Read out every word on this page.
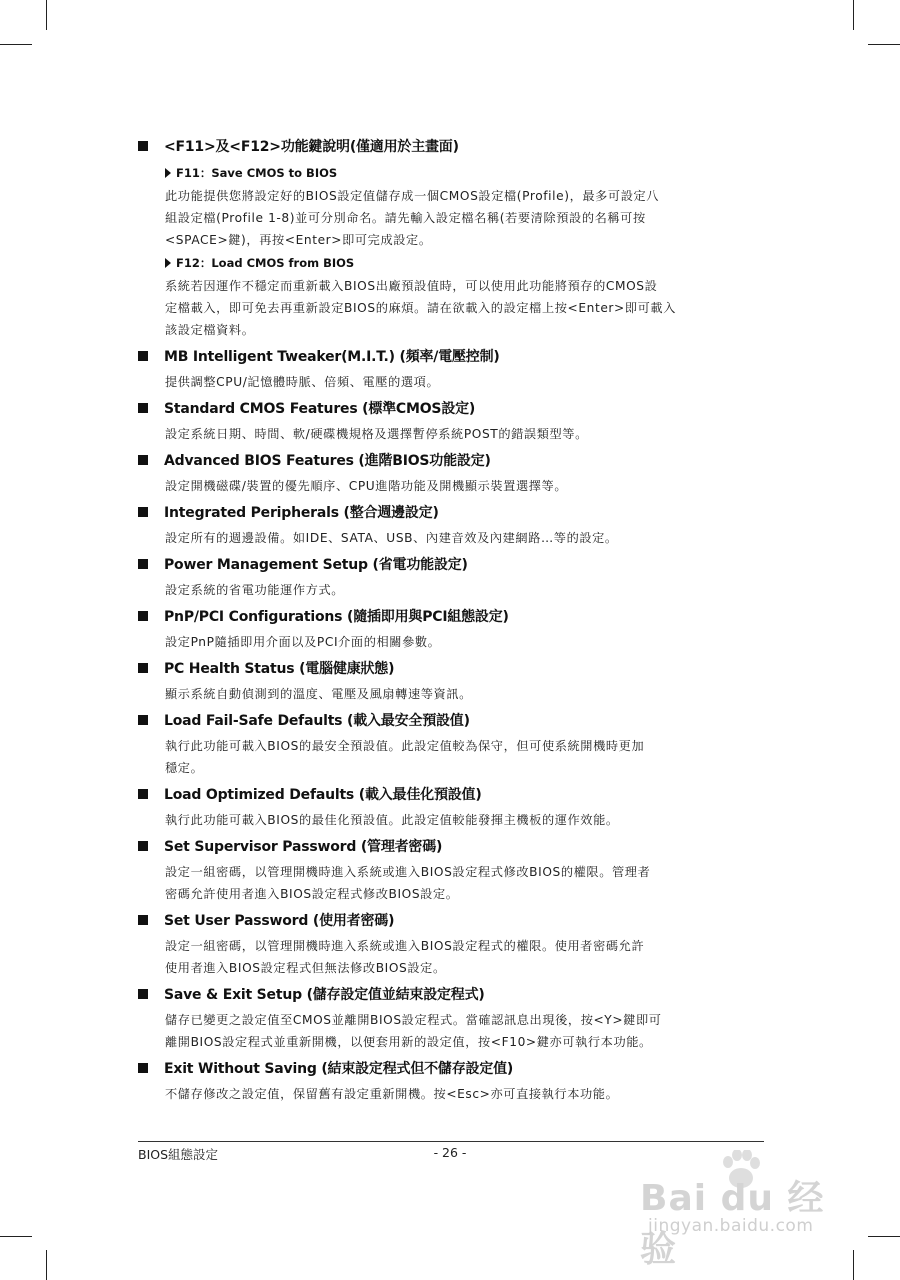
<F11>及<F12>功能鍵說明(僅適用於主畫面)
F11：Save CMOS to BIOS
此功能提供您將設定好的BIOS設定值儲存成一個CMOS設定檔(Profile)，最多可設定八
組設定檔(Profile 1-8)並可分別命名。請先輸入設定檔名稱(若要清除預設的名稱可按
<SPACE>鍵)，再按<Enter>即可完成設定。
F12：Load CMOS from BIOS
系統若因運作不穩定而重新載入BIOS出廠預設值時，可以使用此功能將預存的CMOS設
定檔載入，即可免去再重新設定BIOS的麻煩。請在欲載入的設定檔上按<Enter>即可載入
該設定檔資料。
MB Intelligent Tweaker(M.I.T.) (頻率/電壓控制)
提供調整CPU/記憶體時脈、倍頻、電壓的選項。
Standard CMOS Features (標準CMOS設定)
設定系統日期、時間、軟/硬碟機規格及選擇暫停系統POST的錯誤類型等。
Advanced BIOS Features (進階BIOS功能設定)
設定開機磁碟/裝置的優先順序、CPU進階功能及開機顯示裝置選擇等。
Integrated Peripherals (整合週邊設定)
設定所有的週邊設備。如IDE、SATA、USB、內建音效及內建網路…等的設定。
Power Management Setup (省電功能設定)
設定系統的省電功能運作方式。
PnP/PCI Configurations (隨插即用與PCI組態設定)
設定PnP隨插即用介面以及PCI介面的相關參數。
PC Health Status (電腦健康狀態)
顯示系統自動偵測到的溫度、電壓及風扇轉速等資訊。
Load Fail-Safe Defaults (載入最安全預設值)
執行此功能可載入BIOS的最安全預設值。此設定值較為保守，但可使系統開機時更加
穩定。
Load Optimized Defaults (載入最佳化預設值)
執行此功能可載入BIOS的最佳化預設值。此設定值較能發揮主機板的運作效能。
Set Supervisor Password (管理者密碼)
設定一組密碼，以管理開機時進入系統或進入BIOS設定程式修改BIOS的權限。管理者
密碼允許使用者進入BIOS設定程式修改BIOS設定。
Set User Password (使用者密碼)
設定一組密碼，以管理開機時進入系統或進入BIOS設定程式的權限。使用者密碼允許
使用者進入BIOS設定程式但無法修改BIOS設定。
Save & Exit Setup (儲存設定值並結束設定程式)
儲存已變更之設定值至CMOS並離開BIOS設定程式。當確認訊息出現後，按<Y>鍵即可
離開BIOS設定程式並重新開機，以便套用新的設定值，按<F10>鍵亦可執行本功能。
Exit Without Saving (結束設定程式但不儲存設定值)
不儲存修改之設定值，保留舊有設定重新開機。按<Esc>亦可直接執行本功能。
BIOS組態設定	- 26 -
Bai du 经验
jingyan.baidu.com
